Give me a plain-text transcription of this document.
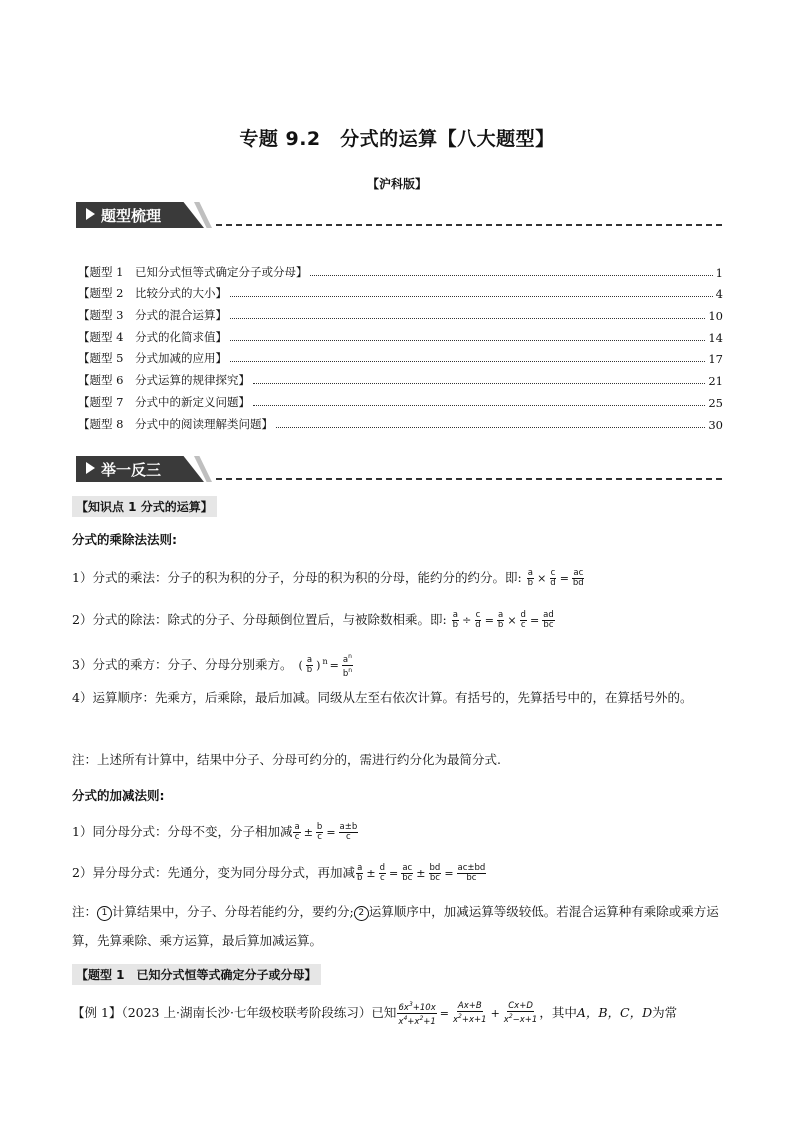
专题 9.2　分式的运算【八大题型】
【沪科版】
题型梳理
【题型 1　已知分式恒等式确定分子或分母】	1
【题型 2　比较分式的大小】	4
【题型 3　分式的混合运算】	10
【题型 4　分式的化简求值】	14
【题型 5　分式加减的应用】	17
【题型 6　分式运算的规律探究】	21
【题型 7　分式中的新定义问题】	25
【题型 8　分式中的阅读理解类问题】	30
举一反三
【知识点 1 分式的运算】
分式的乘除法法则:
1）分式的乘法：分子的积为积的分子，分母的积为积的分母，能约分的约分。即: $\frac{a}{b} \times \frac{c}{d} = \frac{ac}{bd}$
2）分式的除法：除式的分子、分母颠倒位置后，与被除数相乘。即: $\frac{a}{b} \div \frac{c}{d} = \frac{a}{b} \times \frac{d}{c} = \frac{ad}{bc}$
3）分式的乘方：分子、分母分别乘方。 ( $\frac{a}{b}$ ) $^n = \frac{a^n}{b^n}$
4）运算顺序：先乘方，后乘除，最后加减。同级从左至右依次计算。有括号的，先算括号中的，在算括号外的。
注：上述所有计算中，结果中分子、分母可约分的，需进行约分化为最简分式.
分式的加减法则:
1）同分母分式：分母不变，分子相加减 $\frac{a}{c} \pm \frac{b}{c} = \frac{a\pm b}{c}$
2）异分母分式：先通分，变为同分母分式，再加减 $\frac{a}{b} \pm \frac{d}{c} = \frac{ac}{bc} \pm \frac{bd}{bc} = \frac{ac\pm bd}{bc}$
注： 1 计算结果中，分子、分母若能约分，要约分; 2 运算顺序中，加减运算等级较低。若混合运算种有乘除或乘方运算，先算乘除、乘方运算，最后算加减运算。
【题型 1　已知分式恒等式确定分子或分母】
【例 1】（2023 上·湖南长沙·七年级校联考阶段练习）已知 $\frac{6x^3+10x}{x^4+x^2+1} = \frac{Ax+B}{x^2+x+1} + \frac{Cx+D}{x^2-x+1}$ ，其中A，B，C，D为常
